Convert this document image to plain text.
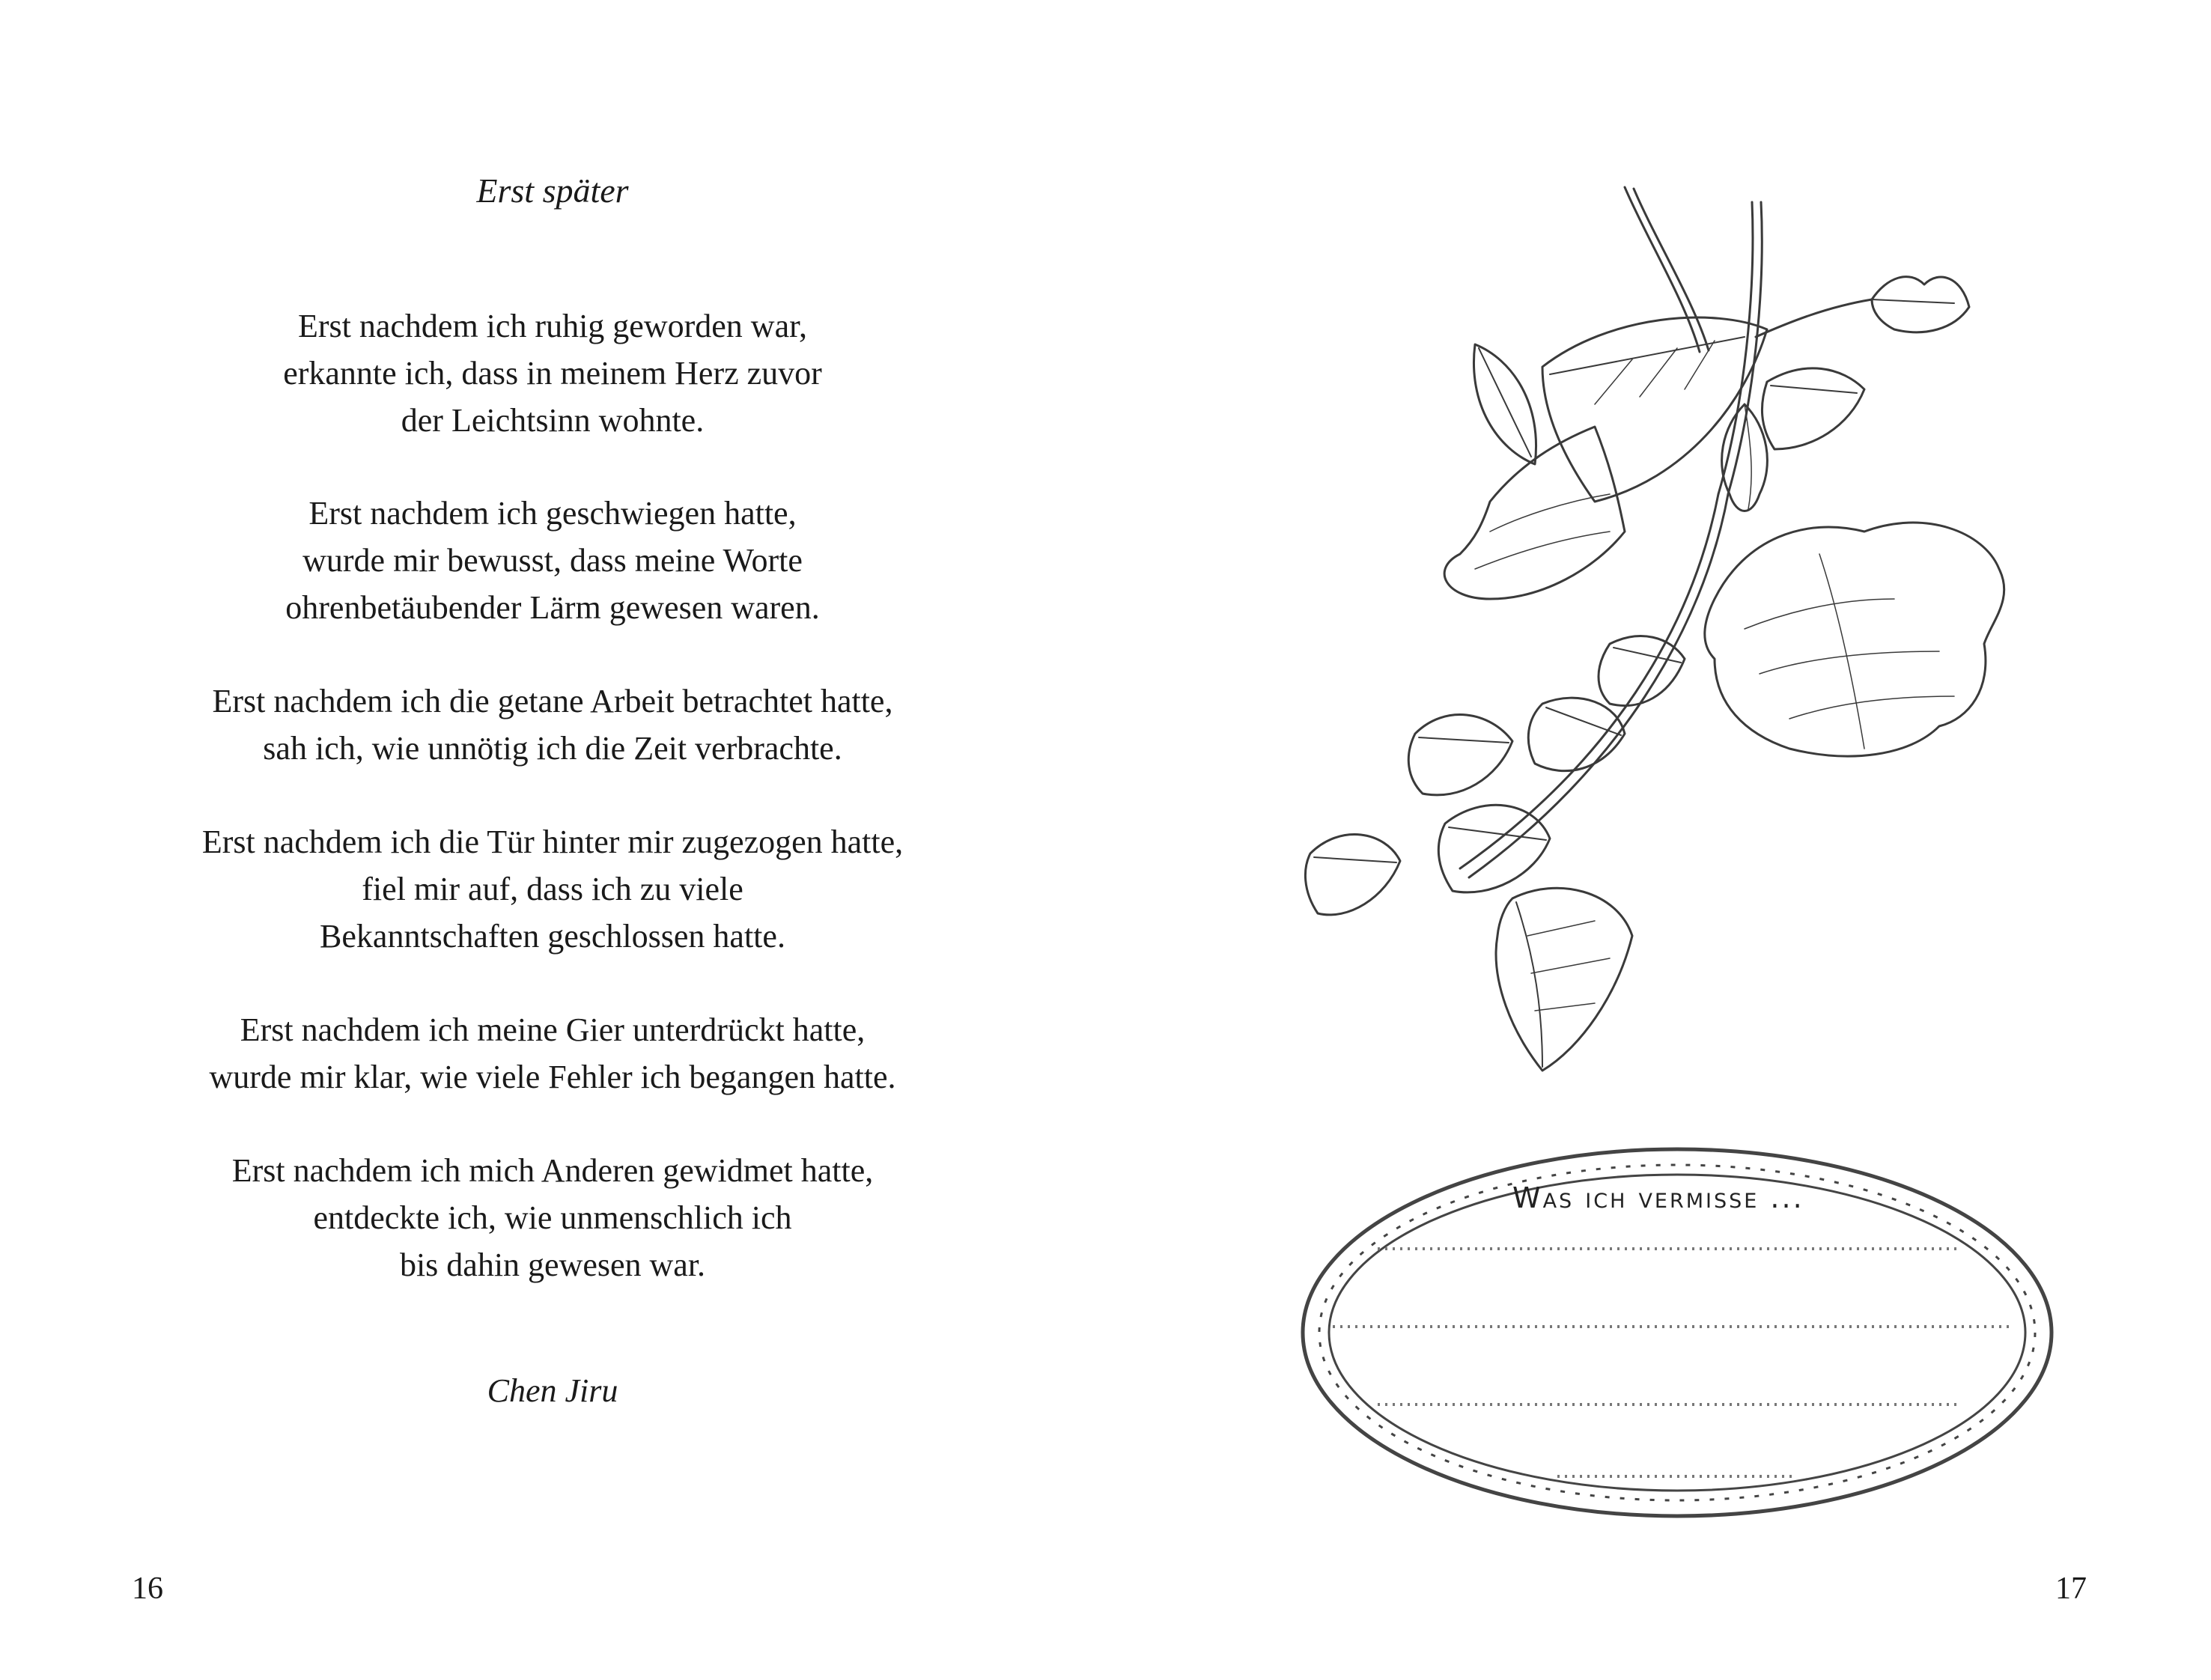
Erst später
Erst nachdem ich ruhig geworden war,
erkannte ich, dass in meinem Herz zuvor
der Leichtsinn wohnte.
Erst nachdem ich geschwiegen hatte,
wurde mir bewusst, dass meine Worte
ohrenbetäubender Lärm gewesen waren.
Erst nachdem ich die getane Arbeit betrachtet hatte,
sah ich, wie unnötig ich die Zeit verbrachte.
Erst nachdem ich die Tür hinter mir zugezogen hatte,
fiel mir auf, dass ich zu viele
Bekanntschaften geschlossen hatte.
Erst nachdem ich meine Gier unterdrückt hatte,
wurde mir klar, wie viele Fehler ich begangen hatte.
Erst nachdem ich mich Anderen gewidmet hatte,
entdeckte ich, wie unmenschlich ich
bis dahin gewesen war.
Chen Jiru
16
Was ich vermisse ...
17
